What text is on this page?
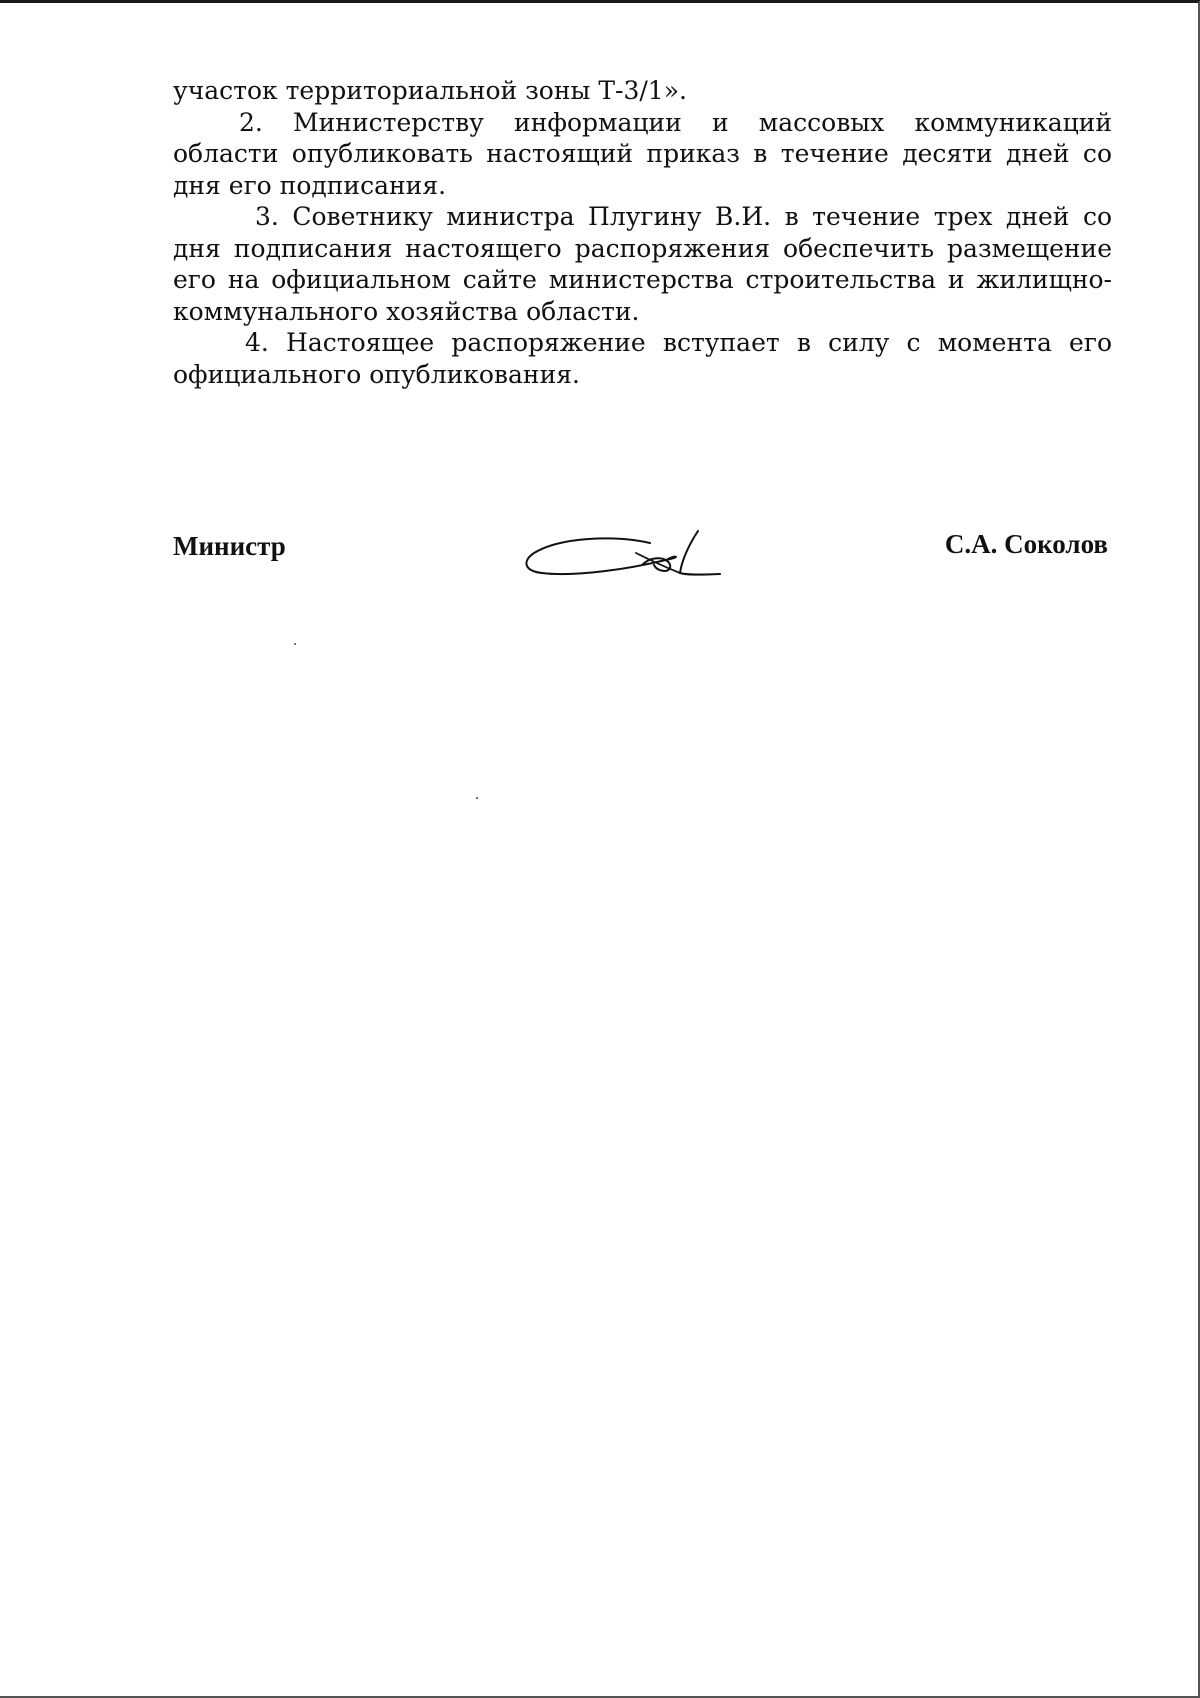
участок территориальной зоны Т-3/1».

2. Министерству информации и массовых коммуникаций области опубликовать настоящий приказ в течение десяти дней со дня его подписания.

3. Советнику министра Плугину В.И. в течение трех дней со дня подписания настоящего распоряжения обеспечить размещение его на официальном сайте министерства строительства и жилищно-коммунального хозяйства области.

4. Настоящее распоряжение вступает в силу с момента его официального опубликования.

Министр	С.А. Соколов
